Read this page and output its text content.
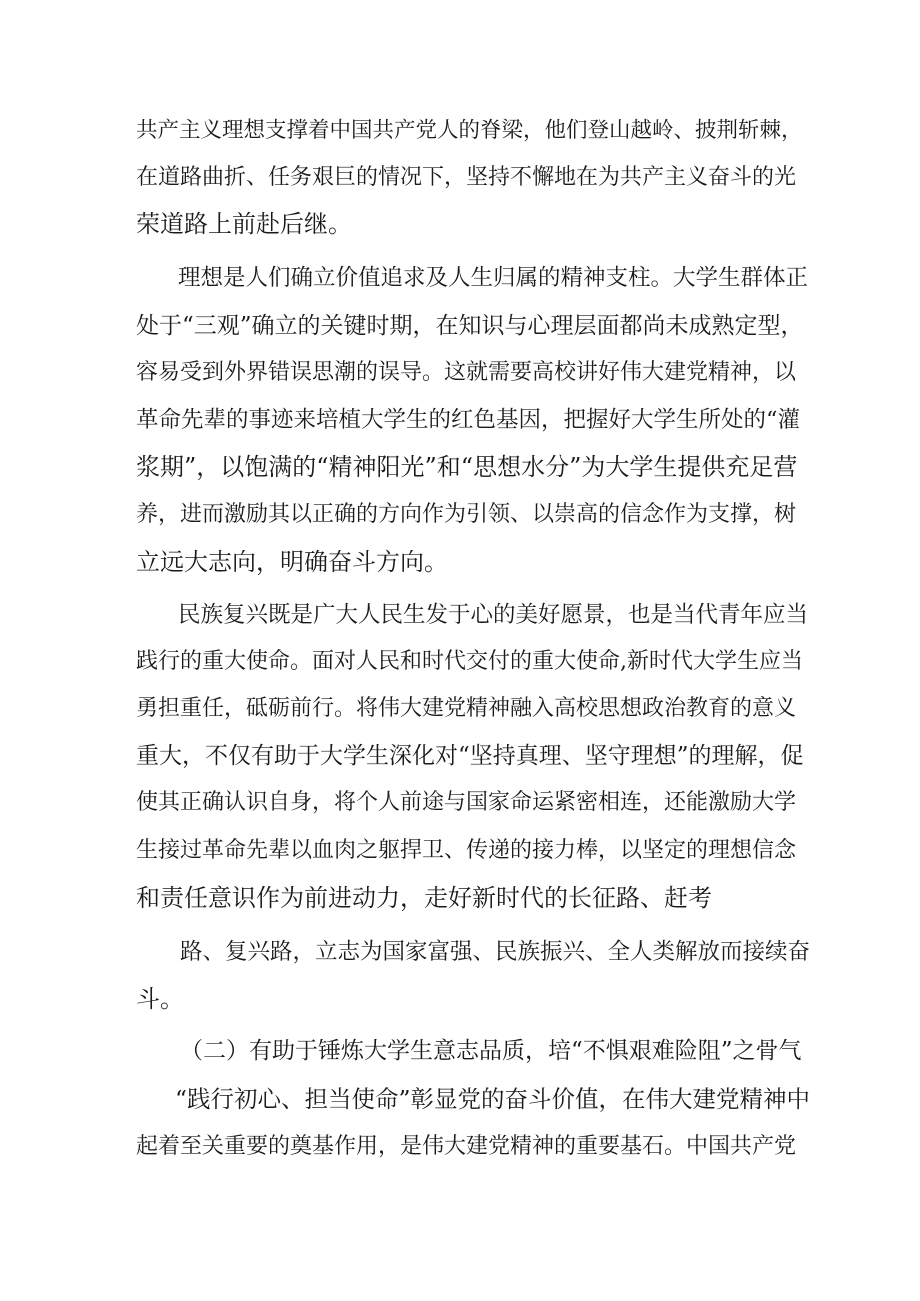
共产主义理想支撑着中国共产党人的脊梁，他们登山越岭、披荆斩棘，
在道路曲折、任务艰巨的情况下，坚持不懈地在为共产主义奋斗的光
荣道路上前赴后继。
理想是人们确立价值追求及人生归属的精神支柱。大学生群体正
处于“三观”确立的关键时期，在知识与心理层面都尚未成熟定型，
容易受到外界错误思潮的误导。这就需要高校讲好伟大建党精神，以
革命先辈的事迹来培植大学生的红色基因，把握好大学生所处的“灌
浆期”，以饱满的“精神阳光”和“思想水分”为大学生提供充足营
养，进而激励其以正确的方向作为引领、以崇高的信念作为支撑，树
立远大志向，明确奋斗方向。
民族复兴既是广大人民生发于心的美好愿景，也是当代青年应当
践行的重大使命。面对人民和时代交付的重大使命,新时代大学生应当
勇担重任，砥砺前行。将伟大建党精神融入高校思想政治教育的意义
重大，不仅有助于大学生深化对“坚持真理、坚守理想”的理解，促
使其正确认识自身，将个人前途与国家命运紧密相连，还能激励大学
生接过革命先辈以血肉之躯捍卫、传递的接力棒，以坚定的理想信念
和责任意识作为前进动力，走好新时代的长征路、赶考
路、复兴路，立志为国家富强、民族振兴、全人类解放而接续奋
斗。
（二）有助于锤炼大学生意志品质，培“不惧艰难险阻”之骨气
“践行初心、担当使命”彰显党的奋斗价值，在伟大建党精神中
起着至关重要的奠基作用，是伟大建党精神的重要基石。中国共产党
